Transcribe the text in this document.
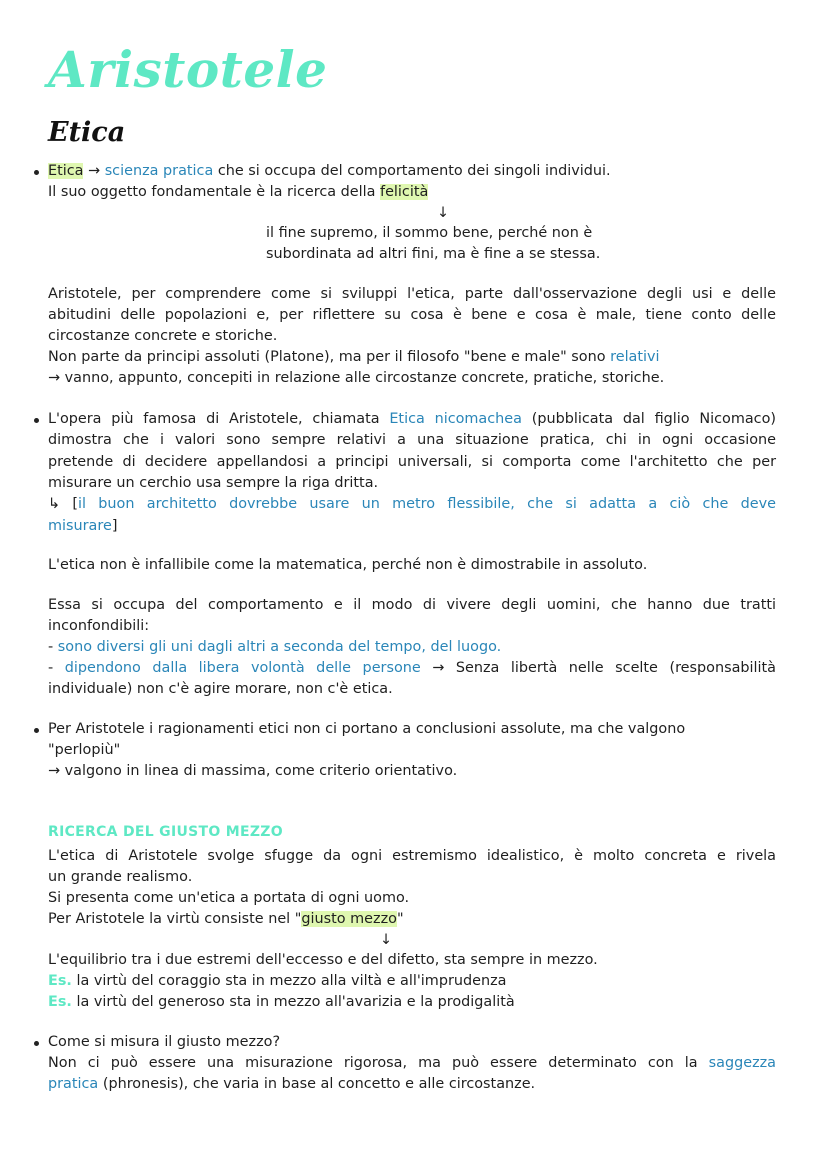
Aristotele
Etica
Etica → scienza pratica che si occupa del comportamento dei singoli individui.
Il suo oggetto fondamentale è la ricerca della felicità
↓
il fine supremo, il sommo bene, perché non è
subordinata ad altri fini, ma è fine a se stessa.
Aristotele, per comprendere come si sviluppi l'etica, parte dall'osservazione degli usi e delle
abitudini delle popolazioni e, per riflettere su cosa è bene e cosa è male, tiene conto delle
circostanze concrete e storiche.
Non parte da principi assoluti (Platone), ma per il filosofo "bene e male" sono relativi
→ vanno, appunto, concepiti in relazione alle circostanze concrete, pratiche, storiche.
L'opera più famosa di Aristotele, chiamata Etica nicomachea (pubblicata dal figlio Nicomaco)
dimostra che i valori sono sempre relativi a una situazione pratica, chi in ogni occasione
pretende di decidere appellandosi a principi universali, si comporta come l'architetto che per
misurare un cerchio usa sempre la riga dritta.
↳ [il buon architetto dovrebbe usare un metro flessibile, che si adatta a ciò che deve
misurare]
L'etica non è infallibile come la matematica, perché non è dimostrabile in assoluto.
Essa si occupa del comportamento e il modo di vivere degli uomini, che hanno due tratti
inconfondibili:
- sono diversi gli uni dagli altri a seconda del tempo, del luogo.
- dipendono dalla libera volontà delle persone → Senza libertà nelle scelte (responsabilità
individuale) non c'è agire morare, non c'è etica.
Per Aristotele i ragionamenti etici non ci portano a conclusioni assolute, ma che valgono
"perlopiù"
→ valgono in linea di massima, come criterio orientativo.
RICERCA DEL GIUSTO MEZZO
L'etica di Aristotele svolge sfugge da ogni estremismo idealistico, è molto concreta e rivela
un grande realismo.
Si presenta come un'etica a portata di ogni uomo.
Per Aristotele la virtù consiste nel "giusto mezzo"
↓
L'equilibrio tra i due estremi dell'eccesso e del difetto, sta sempre in mezzo.
Es. la virtù del coraggio sta in mezzo alla viltà e all'imprudenza
Es. la virtù del generoso sta in mezzo all'avarizia e la prodigalità
Come si misura il giusto mezzo?
Non ci può essere una misurazione rigorosa, ma può essere determinato con la saggezza
pratica (phronesis), che varia in base al concetto e alle circostanze.
